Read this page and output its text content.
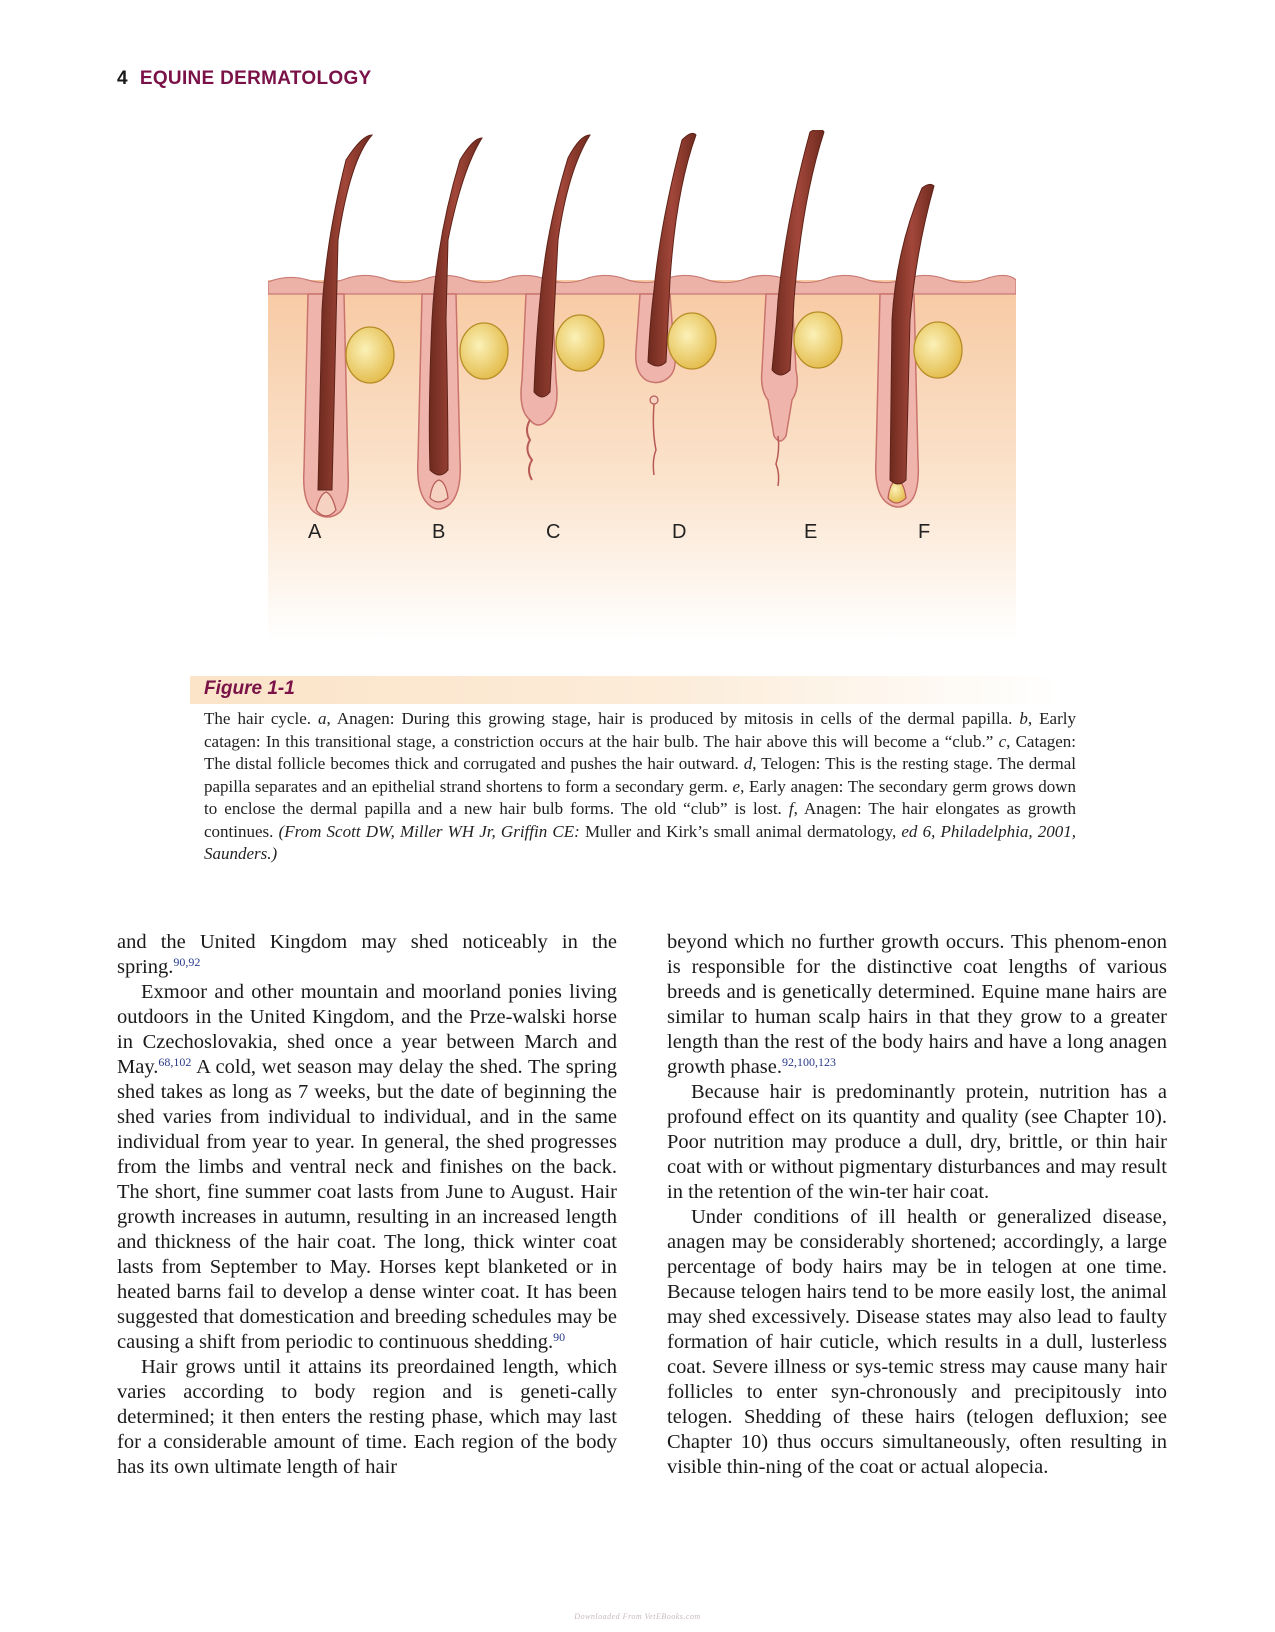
4 EQUINE DERMATOLOGY
A	B	C	D	E	F
Figure 1-1
The hair cycle. a, Anagen: During this growing stage, hair is produced by mitosis in cells of the dermal papilla. b, Early catagen: In this transitional stage, a constriction occurs at the hair bulb. The hair above this will become a “club.” c, Catagen: The distal follicle becomes thick and corrugated and pushes the hair outward. d, Telogen: This is the resting stage. The dermal papilla separates and an epithelial strand shortens to form a secondary germ. e, Early anagen: The secondary germ grows down to enclose the dermal papilla and a new hair bulb forms. The old “club” is lost. f, Anagen: The hair elongates as growth continues. (From Scott DW, Miller WH Jr, Griffin CE: Muller and Kirk’s small animal dermatology, ed 6, Philadelphia, 2001, Saunders.)

and the United Kingdom may shed noticeably in the spring.$^{90,92}$

Exmoor and other mountain and moorland ponies living outdoors in the United Kingdom, and the Prze-walski horse in Czechoslovakia, shed once a year between March and May.$^{68,102}$ A cold, wet season may delay the shed. The spring shed takes as long as 7 weeks, but the date of beginning the shed varies from individual to individual, and in the same individual from year to year. In general, the shed progresses from the limbs and ventral neck and finishes on the back. The short, fine summer coat lasts from June to August. Hair growth increases in autumn, resulting in an increased length and thickness of the hair coat. The long, thick winter coat lasts from September to May. Horses kept blanketed or in heated barns fail to develop a dense winter coat. It has been suggested that domestication and breeding schedules may be causing a shift from periodic to continuous shedding.$^{90}$

Hair grows until it attains its preordained length, which varies according to body region and is geneti-cally determined; it then enters the resting phase, which may last for a considerable amount of time. Each region of the body has its own ultimate length of hair

beyond which no further growth occurs. This phenom-enon is responsible for the distinctive coat lengths of various breeds and is genetically determined. Equine mane hairs are similar to human scalp hairs in that they grow to a greater length than the rest of the body hairs and have a long anagen growth phase.$^{92,100,123}$

Because hair is predominantly protein, nutrition has a profound effect on its quantity and quality (see Chapter 10). Poor nutrition may produce a dull, dry, brittle, or thin hair coat with or without pigmentary disturbances and may result in the retention of the win-ter hair coat.

Under conditions of ill health or generalized disease, anagen may be considerably shortened; accordingly, a large percentage of body hairs may be in telogen at one time. Because telogen hairs tend to be more easily lost, the animal may shed excessively. Disease states may also lead to faulty formation of hair cuticle, which results in a dull, lusterless coat. Severe illness or sys-temic stress may cause many hair follicles to enter syn-chronously and precipitously into telogen. Shedding of these hairs (telogen defluxion; see Chapter 10) thus occurs simultaneously, often resulting in visible thin-ning of the coat or actual alopecia.

Downloaded From VetEBooks.com
